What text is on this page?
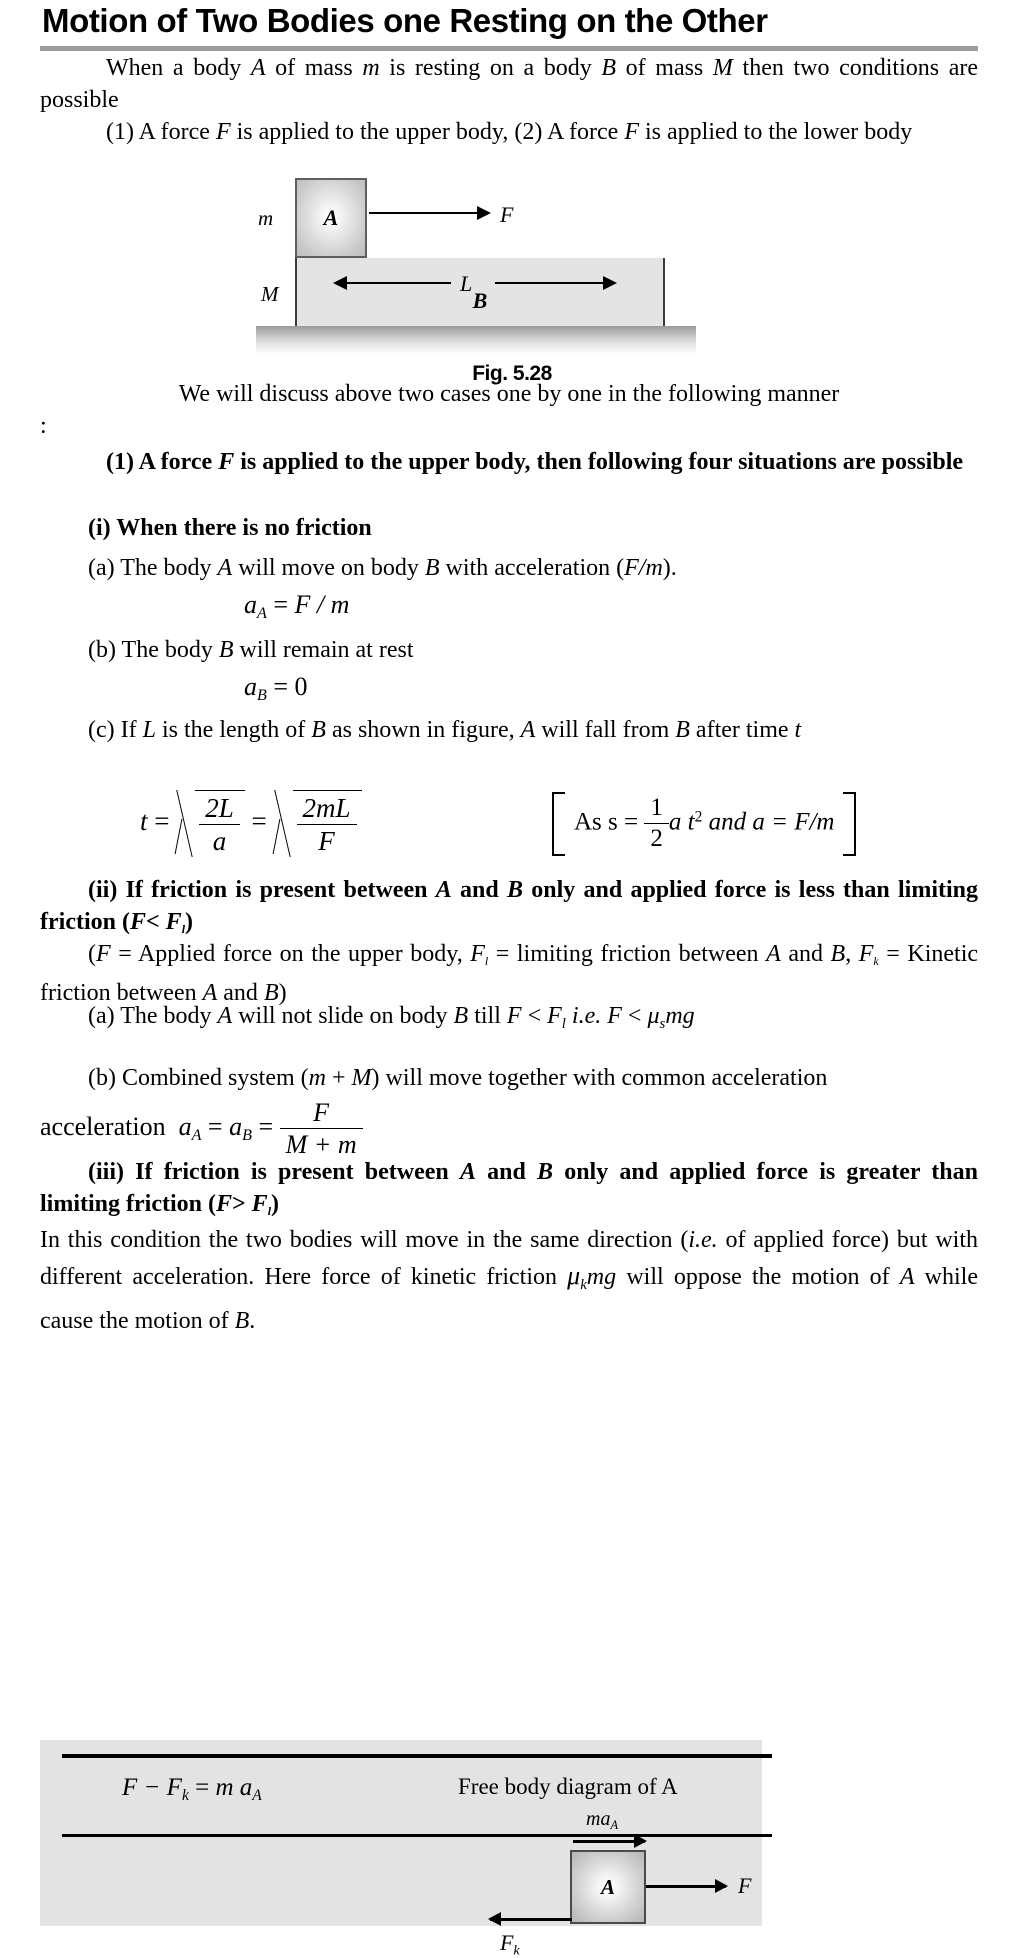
Motion of Two Bodies one Resting on the Other
When a body A of mass m is resting on a body B of mass M then two conditions are possible
(1) A force F is applied to the upper body, (2) A force F is applied to the lower body
m
M
A
B
F
L
Fig. 5.28
We will discuss above two cases one by one in the following manner
:
(1) A force F is applied to the upper body, then following four situations are possible
(i) When there is no friction
(a) The body A will move on body B with acceleration (F/m).
$a_A = F / m$
(b) The body B will remain at rest
$a_B = 0$
(c) If L is the length of B as shown in figure, A will fall from B after time t
$t = \frac{2L}{a} = \frac{2mL}{F}$	As $s = \frac{1}{2}$ a $t^2$ and a = F/m
(ii) If friction is present between A and B only and applied force is less than limiting friction $(F< F_l)$
(F = Applied force on the upper body, $F_l$ = limiting friction between A and B, $F_k$ = Kinetic friction between A and B)
(a) The body A will not slide on body B till $F < F_l$ i.e. $F < \mu_smg$
(b) Combined system (m + M) will move together with common acceleration
acceleration  $a_A = a_B = \frac{F}{M + m}$
(iii) If friction is present between A and B only and applied force is greater than limiting friction $(F> F_l)$
In this condition the two bodies will move in the same direction (i.e. of applied force) but with different acceleration. Here force of kinetic friction $\mu_kmg$ will oppose the motion of A while cause the motion of B.
$F - F_k = m$ $a_A$	Free body diagram of A
$ma_A$
A	F
$F_k$
